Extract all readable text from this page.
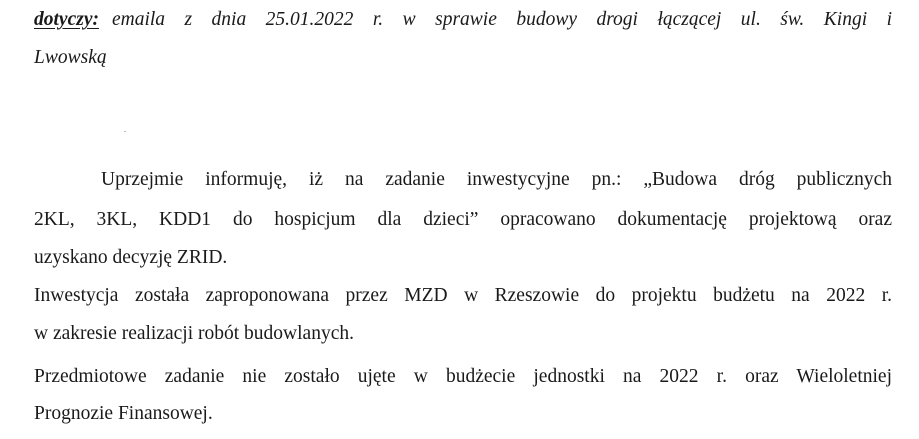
dotyczy: emaila z dnia 25.01.2022 r. w sprawie budowy drogi łączącej ul. św. Kingi i
Lwowską
Uprzejmie informuję, iż na zadanie inwestycyjne pn.: „Budowa dróg publicznych
2KL, 3KL, KDD1 do hospicjum dla dzieci” opracowano dokumentację projektową oraz
uzyskano decyzję ZRID.
Inwestycja została zaproponowana przez MZD w Rzeszowie do projektu budżetu na 2022 r.
w zakresie realizacji robót budowlanych.
Przedmiotowe zadanie nie zostało ujęte w budżecie jednostki na 2022 r. oraz Wieloletniej
Prognozie Finansowej.
